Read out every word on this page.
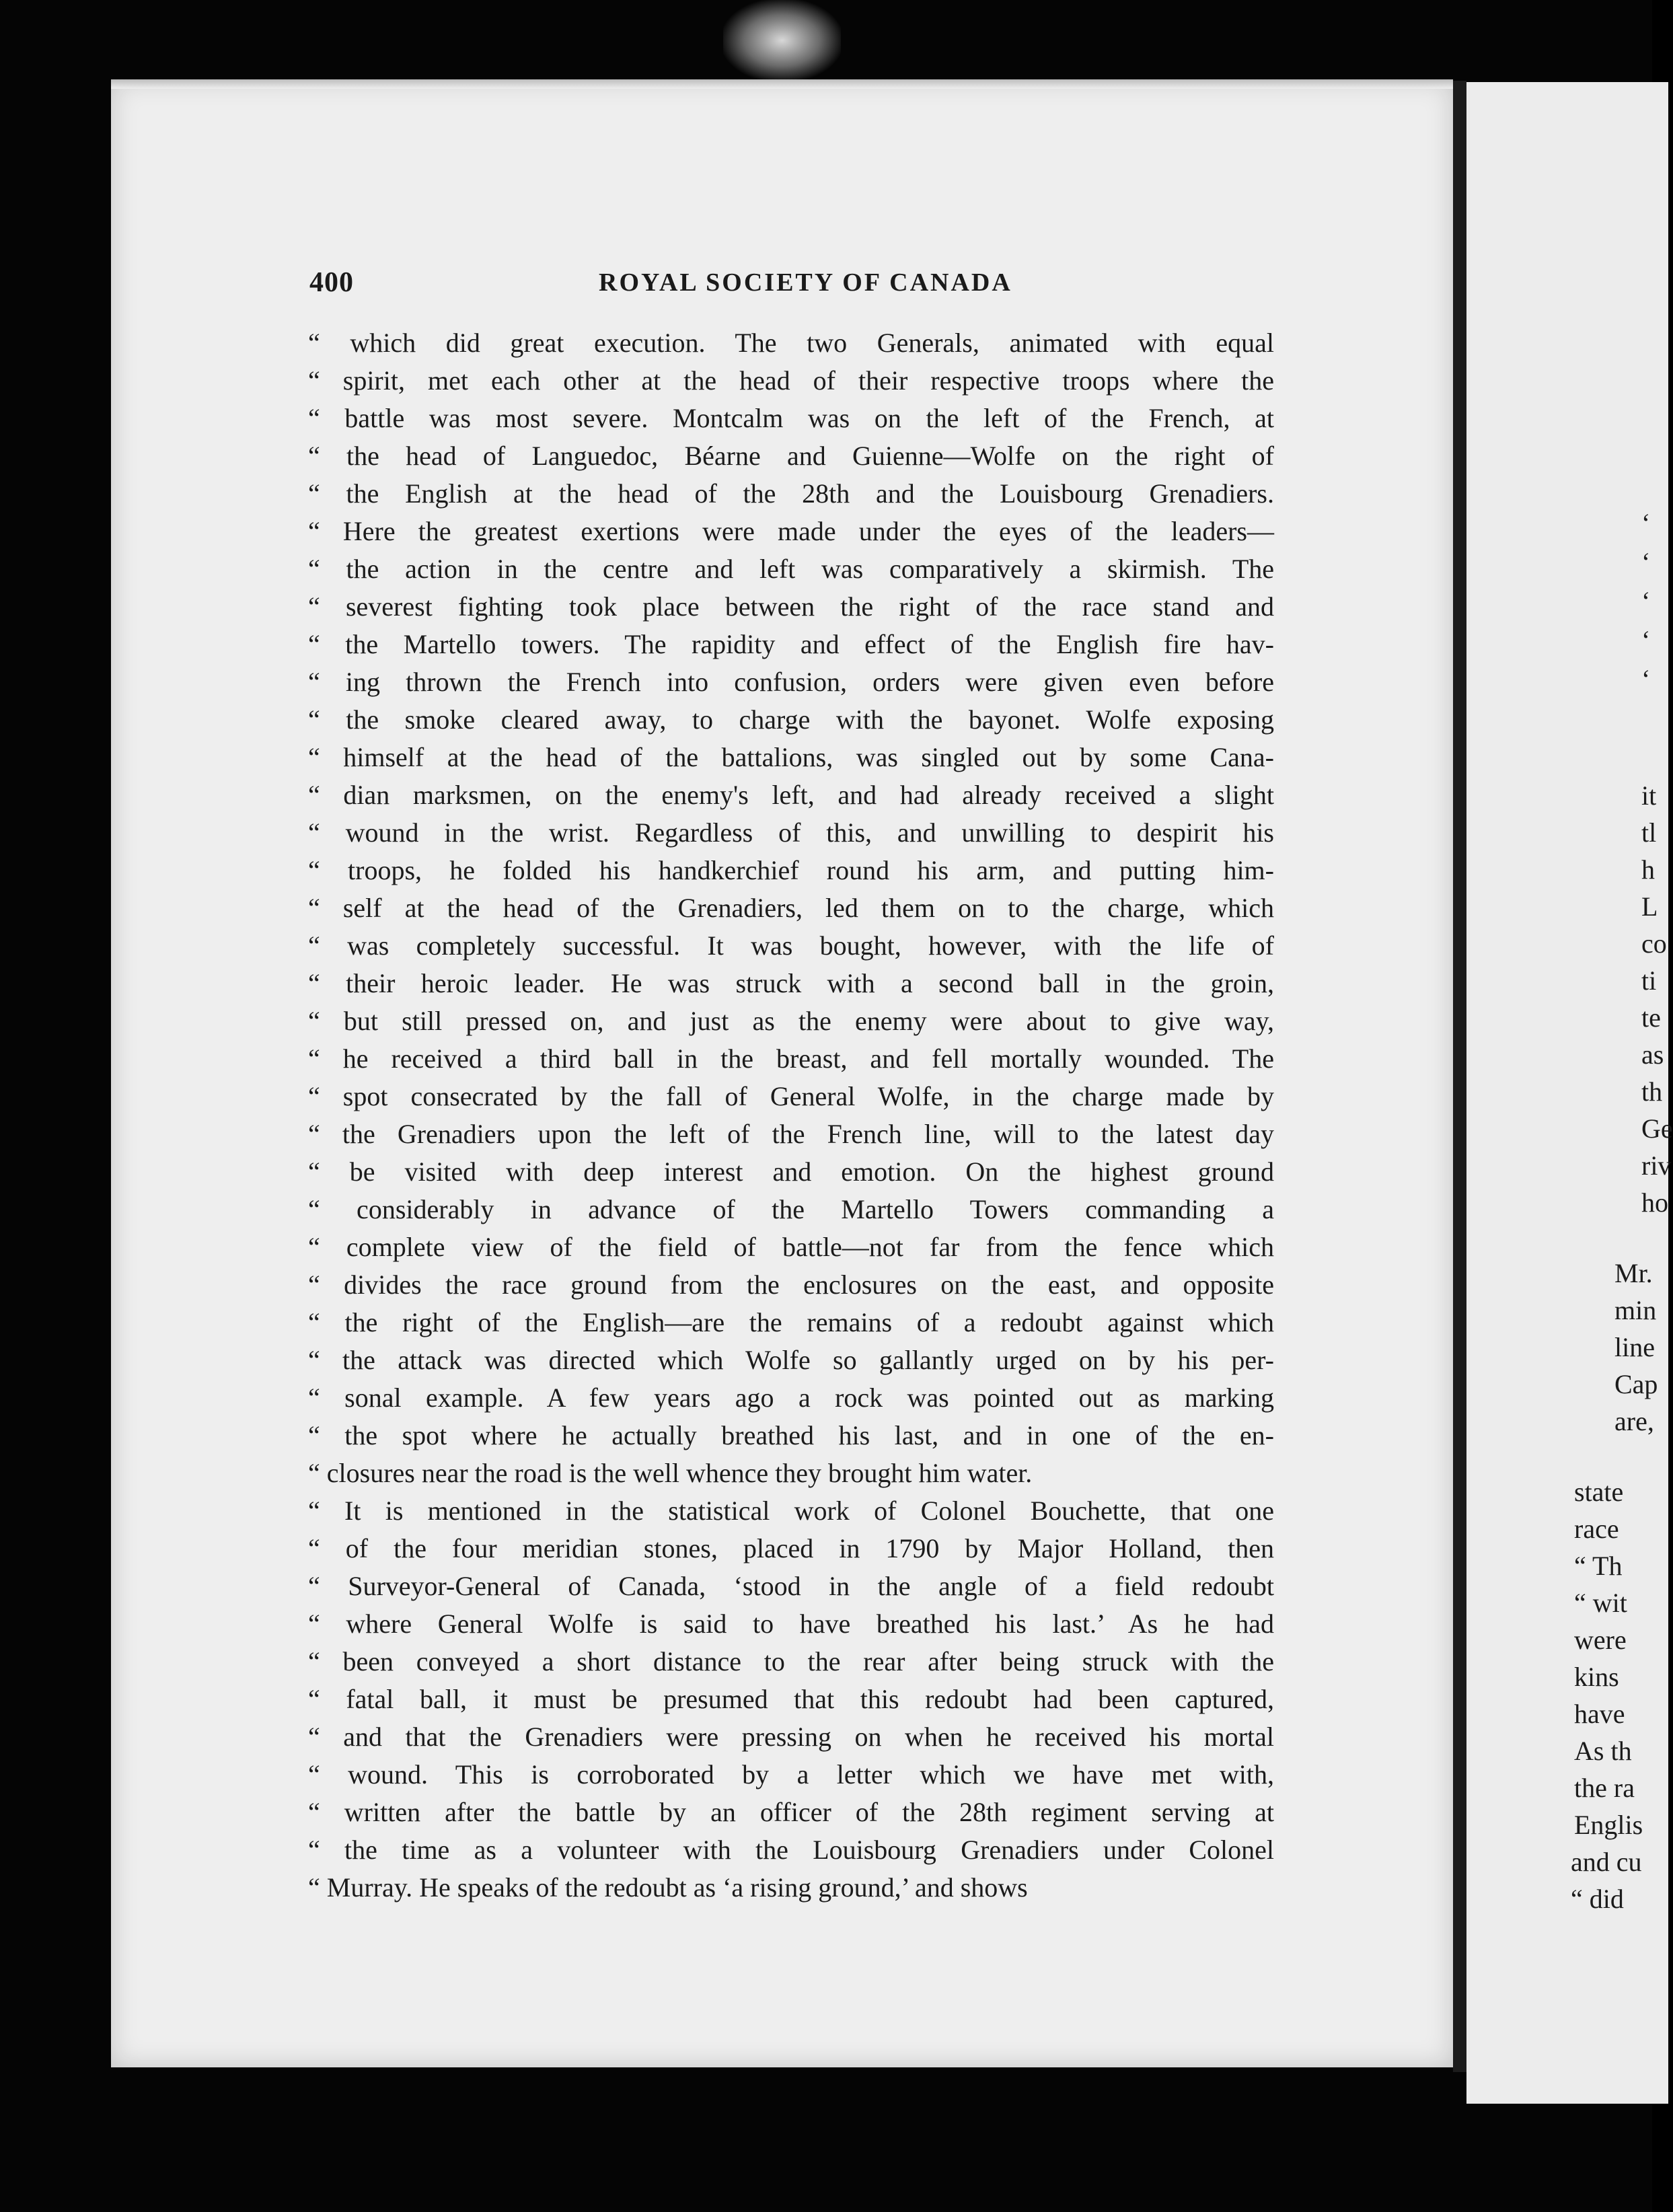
400	ROYAL SOCIETY OF CANADA
“ which did great execution. The two Generals, animated with equal
“ spirit, met each other at the head of their respective troops where the
“ battle was most severe. Montcalm was on the left of the French, at
“ the head of Languedoc, Béarne and Guienne—Wolfe on the right of
“ the English at the head of the 28th and the Louisbourg Grenadiers.
“ Here the greatest exertions were made under the eyes of the leaders—
“ the action in the centre and left was comparatively a skirmish. The
“ severest fighting took place between the right of the race stand and
“ the Martello towers. The rapidity and effect of the English fire hav-
“ ing thrown the French into confusion, orders were given even before
“ the smoke cleared away, to charge with the bayonet. Wolfe exposing
“ himself at the head of the battalions, was singled out by some Cana-
“ dian marksmen, on the enemy's left, and had already received a slight
“ wound in the wrist. Regardless of this, and unwilling to despirit his
“ troops, he folded his handkerchief round his arm, and putting him-
“ self at the head of the Grenadiers, led them on to the charge, which
“ was completely successful. It was bought, however, with the life of
“ their heroic leader. He was struck with a second ball in the groin,
“ but still pressed on, and just as the enemy were about to give way,
“ he received a third ball in the breast, and fell mortally wounded. The
“ spot consecrated by the fall of General Wolfe, in the charge made by
“ the Grenadiers upon the left of the French line, will to the latest day
“ be visited with deep interest and emotion. On the highest ground
“ considerably in advance of the Martello Towers commanding a
“ complete view of the field of battle—not far from the fence which
“ divides the race ground from the enclosures on the east, and opposite
“ the right of the English—are the remains of a redoubt against which
“ the attack was directed which Wolfe so gallantly urged on by his per-
“ sonal example. A few years ago a rock was pointed out as marking
“ the spot where he actually breathed his last, and in one of the en-
“ closures near the road is the well whence they brought him water.
“ It is mentioned in the statistical work of Colonel Bouchette, that one
“ of the four meridian stones, placed in 1790 by Major Holland, then
“ Surveyor-General of Canada, ‘stood in the angle of a field redoubt
“ where General Wolfe is said to have breathed his last.’ As he had
“ been conveyed a short distance to the rear after being struck with the
“ fatal ball, it must be presumed that this redoubt had been captured,
“ and that the Grenadiers were pressing on when he received his mortal
“ wound. This is corroborated by a letter which we have met with,
“ written after the battle by an officer of the 28th regiment serving at
“ the time as a volunteer with the Louisbourg Grenadiers under Colonel
“ Murray. He speaks of the redoubt as ‘a rising ground,’ and shows
‘
‘
‘
‘
‘
it
tl
h
L
co
ti
te
as
th
Ge
riv
ho
Mr.
min
line
Cap
are,
state
race
“ Th
“ wit
were
kins
have
As th
the ra
Englis
and cu
“ did
